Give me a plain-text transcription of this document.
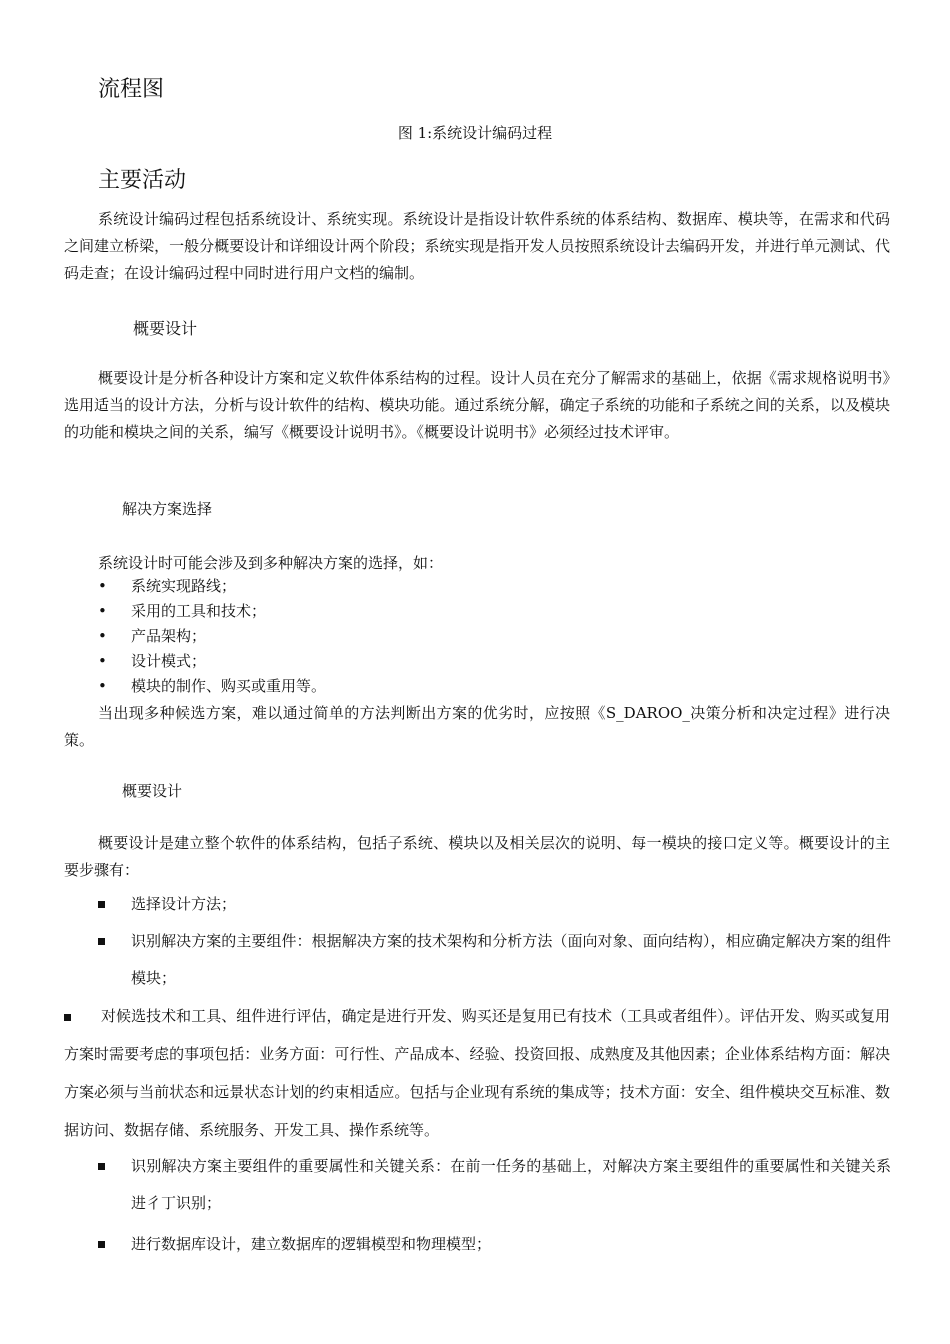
流程图
图 1:系统设计编码过程
主要活动

系统设计编码过程包括系统设计、系统实现。系统设计是指设计软件系统的体系结构、数据库、模块等，在需求和代码之间建立桥梁，一般分概要设计和详细设计两个阶段；系统实现是指开发人员按照系统设计去编码开发，并进行单元测试、代码走查；在设计编码过程中同时进行用户文档的编制。

概要设计

概要设计是分析各种设计方案和定义软件体系结构的过程。设计人员在充分了解需求的基础上，依据《需求规格说明书》选用适当的设计方法，分析与设计软件的结构、模块功能。通过系统分解，确定子系统的功能和子系统之间的关系，以及模块的功能和模块之间的关系，编写《概要设计说明书》。《概要设计说明书》必须经过技术评审。

解决方案选择
系统设计时可能会涉及到多种解决方案的选择，如：
• 系统实现路线；
• 采用的工具和技术；
• 产品架构；
• 设计模式；
• 模块的制作、购买或重用等。

当出现多种候选方案，难以通过简单的方法判断出方案的优劣时，应按照《S_DAROO_决策分析和决定过程》进行决策。

概要设计

概要设计是建立整个软件的体系结构，包括子系统、模块以及相关层次的说明、每一模块的接口定义等。概要设计的主要步骤有：

选择设计方法；

识别解决方案的主要组件：根据解决方案的技术架构和分析方法（面向对象、面向结构），相应确定解决方案的组件模块；

对候选技术和工具、组件进行评估，确定是进行开发、购买还是复用已有技术（工具或者组件）。评估开发、购买或复用方案时需要考虑的事项包括：业务方面：可行性、产品成本、经验、投资回报、成熟度及其他因素；企业体系结构方面：解决方案必须与当前状态和远景状态计划的约束相适应。包括与企业现有系统的集成等；技术方面：安全、组件模块交互标准、数据访问、数据存储、系统服务、开发工具、操作系统等。

识别解决方案主要组件的重要属性和关键关系：在前一任务的基础上，对解决方案主要组件的重要属性和关键关系进彳丁识别；

进行数据库设计，建立数据库的逻辑模型和物理模型；
